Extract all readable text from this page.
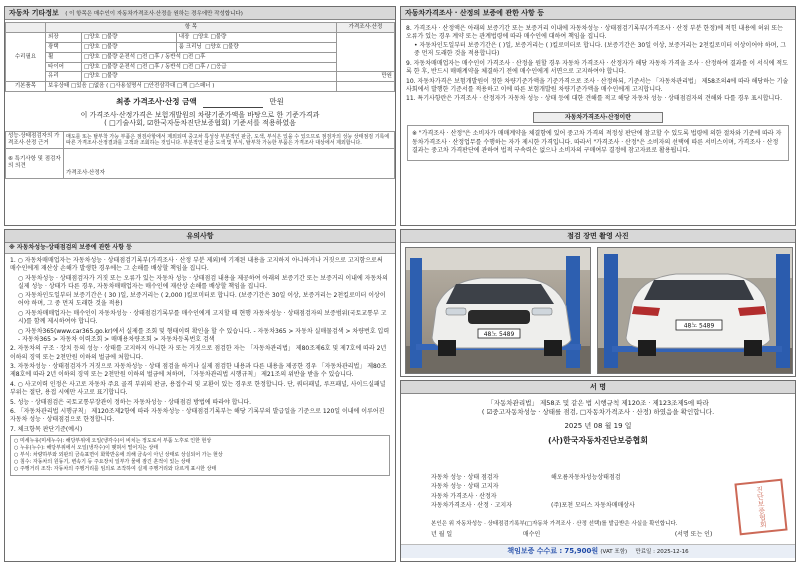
자동차 기타정보 ( 이 항목은 매수인이 자동차가격조사·산정을 원하는 경우에만 작성합니다)
	항 목			가격조사·산정
수리필요	외장	□양호 □불량	내장 □양호 □불량	
	광택	□양호 □불량	룸 크리닝 □양호 □불량	
	휠	□양호 □불량 운전석 □전 □후 / 동반석 □전 □후		
	타이어	□양호 □불량 운전석 □전 □후 / 동반석 □전 □후 / □응급		
	유리	□양호 □불량		만원
기본품목	보유상태 □있음 □없음 ( □사용설명서 □안전삼각대 □잭 □스패너 )			
최종 가격조사·산정 금액	만원
이 가격조사·산정가격은 보험개발원의 차량기준가액을 바탕으로 한 기준가격과
( □기술사회, ☑한국자동차진단보증협회) 기준서를 적용하였음
성능·상태점검자의 가격조사·산정 근거	매도를 또는 탈부착 가능 부품은 점검사항에서 제외되며 중고차 특성상 부분적인 판금, 도색, 부식은 있을 수 있으므로 점검자의 성능 상태점검 기록에 따른 가격조사·산정결과를 고객과 조회하는 것입니다. 부분적인 판금 도색 및 부식, 탈부착 가능한 부품은 가격조사 대상에서 제외합니다.
⑥ 특기사항 및 점검자의 의견	가격조사·산정자
자동차가격조사 · 산정의 보증에 관한 사항 등
8. 가격조사 · 산정액은 아래의 보증기간 또는 보증거리 이내에 자동차성능 · 상태점검기록부(가격조사 · 산정 부분 한정)에 적힌 내용에 허위 또는 오류가 있는 경우 계약 또는 관계법령에 따라 매수인에 대하여 책임을 집니다.
• 자동차인도일부터 보증기간은 ( )일, 보증거리는 ( )킬로미터로 합니다. (보증기간은 30일 이상, 보증거리는 2천킬로미터 이상이어야 하며, 그 중 먼저 도래한 것을 적용합니다)
9. 자동차매매업자는 매수인이 가격조사 · 산정을 원할 경우 자동차 가격조사 · 산정자가 해당 자동차 가격을 조사 · 산정하여 결과를 이 서식에 적도록 한 후, 반드시 매매계약을 체결하기 전에 매수인에게 서면으로 고지하여야 합니다.
10. 자동차가격은 보험개발원이 정한 차량기준가액을 기준가격으로 조사 · 산정하되, 기준서는 「자동차관리법」 제58조의4에 따라 해당하는 기술사회에서 발행한 기준서를 적용하고 이에 따른 보험개발원 차량기준가액을 매수인에게 고지합니다.
11. 특기사항란은 가격조사 · 산정자가 자동차 성능 · 상태 등에 대한 견해를 적고 해당 자동차 성능 · 상태점검자의 견해와 다를 경우 표시합니다.
자동차가격조사·산정이란
※ "가격조사 · 산정"은 소비자가 매매계약을 체결함에 있어 중고차 가격의 적정성 판단에 참고할 수 있도록 법령에 의한 절차와 기준에 따라 자동차가격조사 · 산정업무를 수행하는 자가 제시한 가격입니다. 따라서 "가격조사 · 산정"은 소비자의 선택에 따른 서비스이며, 가격조사 · 산정 결과는 중고차 가격판단에 관하여 법적 구속력은 없으나 소비자의 구매여부 결정에 참고자료로 활용됩니다.
유의사항
※ 자동차성능·상태점검의 보증에 관한 사항 등
1. ○ 자동차매매업자는 자동차성능 · 상태점검기록부(가격조사 · 산정 부분 제외)에 기재된 내용을 고지하지 아니하거나 거짓으로 고지함으로써 매수인에게 재산상 손해가 발생한 경우에는 그 손해를 배상할 책임을 집니다.
○ 자동차성능 · 상태점검자가 거짓 또는 오류가 있는 자동차 성능 · 상태점검 내용을 제공하여 아래의 보증기간 또는 보증거리 이내에 자동차의 실제 성능 · 상태가 다른 경우, 자동차매매업자는 매수인에 재산상 손해를 배상할 책임을 집니다.
○ 자동차인도일부터 보증기간은 ( 30 )일, 보증거리는 ( 2,000 )킬로미터로 합니다. (보증기간은 30일 이상, 보증거리는 2천킬로미터 이상이어야 하며, 그 중 먼저 도래한 것을 적용)
○ 자동차매매업자는 매수인이 자동차성능 · 상태점검기록부를 매수인에게 고지할 때 현행 자동차성능 · 상태점검자의 보증범위(국토교통부 고시)를 함께 제시하여야 합니다.
○ 자동차365(www.car365.go.kr)에서 실제를 조회 및 형태이력 확인을 할 수 있습니다. - 자동차365 > 자동차 실매물검색 > 차량번호 입력 - 자동차365 > 자동차 이력조회 > 매매용차량조회 > 자동차등록번호 검색
2. 자동차의 구조 · 장치 등의 성능 · 상태를 고지하지 아니한 자 또는 거짓으로 점검한 자는 「자동차관리법」 제80조제6호 및 제7호에 따라 2년 이하의 징역 또는 2천만원 이하의 벌금에 처합니다.
3. 자동차성능 · 상태점검자가 거짓으로 자동차성능 · 상태 점검을 하거나 실제 점검한 내용과 다른 내용을 제공한 경우 「자동차관리법」 제80조제8호에 따라 2년 이하의 징역 또는 2천만원 이하의 벌금에 처하며, 「자동차관리법 시행규칙」 제21조의 위반을 받을 수 있습니다.
4. ○ 사고이력 인정은 사고로 자동차 주요 골격 부위의 판금, 용접수리 및 교환이 있는 경우로 한정합니다. 단, 쿼터패널, 루프패널, 사이드실패널 부위는 절단, 용접 시에만 사고로 표기합니다.
5. 성능 · 상태점검은 국토교통부장관이 정하는 자동차성능 · 상태점검 방법에 따라야 합니다.
6. 「자동차관리법 시행규칙」 제120조제2항에 따라 자동차성능 · 상태점검기록부는 해당 기록부의 발급일을 기준으로 120일 이내에 이루어진 자동차 성능 · 상태점검으로 한정합니다.
7. 체크항목 판단기준(예시)
○ 미세누유(미세누수): 해당부위에 오일(냉각수)이 비치는 정도로서 부품 노후로 인한 현상
○ 누유(누수): 해당부위에서 오일(냉각수)이 맺혀서 떨어지는 상태
○ 부식: 차량하부와 외판의 금속표면이 화학반응에 의해 금속이 아닌 상태로 상실되어 가는 현상
○ 침수: 자동차의 원동기, 변속기 등 주요장치 일부가 물에 잠긴 흔적이 있는 상태
○ 주행거리 조작: 자동차의 주행거리를 임의로 조작하여 실제 주행거리와 다르게 표시한 상태
점검 장면 촬영 사진
48노 5489
48노 5489
서 명
「자동차관리법」 제58조 및 같은 법 시행규칙 제120조 · 제123조제5에 따라
( ☑중고자동차성능 · 상태를 점검, □자동차가격조사 · 산정) 하였음을 확인합니다.
2025 년 08 월 19 일
(사)한국자동차진단보증협회
자동차 성능 · 상태 점검자	해오름자동차성능상태점검
자동차 성능 · 상태 고지자
자동차 가격조사 · 산정자
자동차가격조사 · 산정 · 고지자	(주)포천 모터스 자동차매매상사
본인은 위 자동차성능 · 상태점검기록부(□자동차 가격조사 · 산정 선택)를 발급받은 사실을 확인합니다.
년 월 일	매수인	(서명 또는 인)
진단보증협회
책임보증 수수료 : 75,900원 (VAT 포함) 만료일 : 2025-12-16
